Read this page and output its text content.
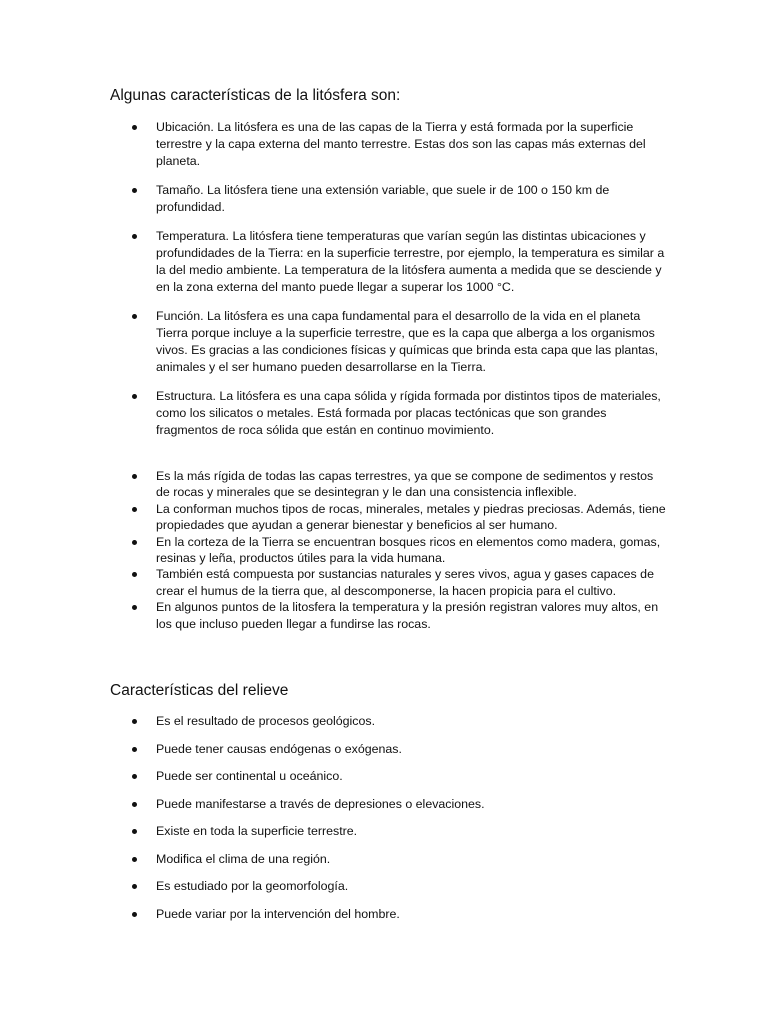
Algunas características de la litósfera son:
Ubicación. La litósfera es una de las capas de la Tierra y está formada por la superficie terrestre y la capa externa del manto terrestre. Estas dos son las capas más externas del planeta.
Tamaño. La litósfera tiene una extensión variable, que suele ir de 100 o 150 km de profundidad.
Temperatura. La litósfera tiene temperaturas que varían según las distintas ubicaciones y profundidades de la Tierra: en la superficie terrestre, por ejemplo, la temperatura es similar a la del medio ambiente. La temperatura de la litósfera aumenta a medida que se desciende y en la zona externa del manto puede llegar a superar los 1000 °C.
Función. La litósfera es una capa fundamental para el desarrollo de la vida en el planeta Tierra porque incluye a la superficie terrestre, que es la capa que alberga a los organismos vivos. Es gracias a las condiciones físicas y químicas que brinda esta capa que las plantas, animales y el ser humano pueden desarrollarse en la Tierra.
Estructura. La litósfera es una capa sólida y rígida formada por distintos tipos de materiales, como los silicatos o metales. Está formada por placas tectónicas que son grandes fragmentos de roca sólida que están en continuo movimiento.
Es la más rígida de todas las capas terrestres, ya que se compone de sedimentos y restos de rocas y minerales que se desintegran y le dan una consistencia inflexible.
La conforman muchos tipos de rocas, minerales, metales y piedras preciosas. Además, tiene propiedades que ayudan a generar bienestar y beneficios al ser humano.
En la corteza de la Tierra se encuentran bosques ricos en elementos como madera, gomas, resinas y leña, productos útiles para la vida humana.
También está compuesta por sustancias naturales y seres vivos, agua y gases capaces de crear el humus de la tierra que, al descomponerse, la hacen propicia para el cultivo.
En algunos puntos de la litosfera la temperatura y la presión registran valores muy altos, en los que incluso pueden llegar a fundirse las rocas.
Características del relieve
Es el resultado de procesos geológicos.
Puede tener causas endógenas o exógenas.
Puede ser continental u oceánico.
Puede manifestarse a través de depresiones o elevaciones.
Existe en toda la superficie terrestre.
Modifica el clima de una región.
Es estudiado por la geomorfología.
Puede variar por la intervención del hombre.
